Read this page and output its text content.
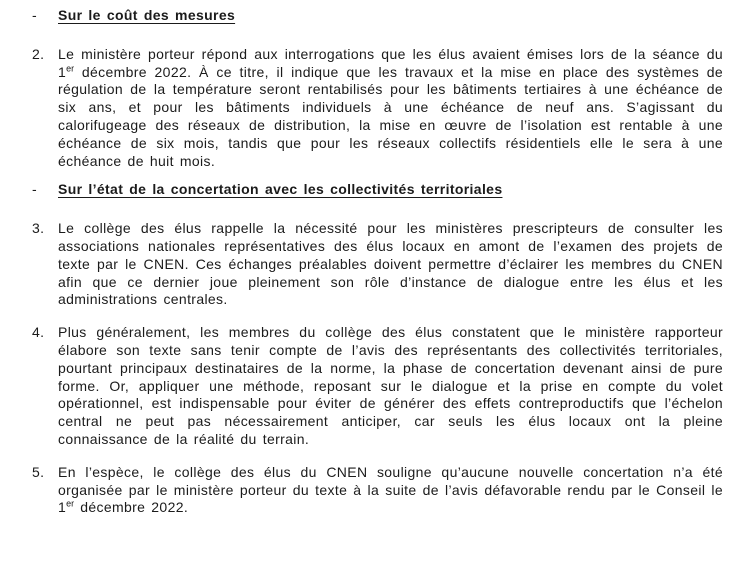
-	Sur le coût des mesures
2. Le ministère porteur répond aux interrogations que les élus avaient émises lors de la séance du 1er décembre 2022. À ce titre, il indique que les travaux et la mise en place des systèmes de régulation de la température seront rentabilisés pour les bâtiments tertiaires à une échéance de six ans, et pour les bâtiments individuels à une échéance de neuf ans. S’agissant du calorifugeage des réseaux de distribution, la mise en œuvre de l’isolation est rentable à une échéance de six mois, tandis que pour les réseaux collectifs résidentiels elle le sera à une échéance de huit mois.
-	Sur l’état de la concertation avec les collectivités territoriales
3. Le collège des élus rappelle la nécessité pour les ministères prescripteurs de consulter les associations nationales représentatives des élus locaux en amont de l’examen des projets de texte par le CNEN. Ces échanges préalables doivent permettre d’éclairer les membres du CNEN afin que ce dernier joue pleinement son rôle d’instance de dialogue entre les élus et les administrations centrales.
4. Plus généralement, les membres du collège des élus constatent que le ministère rapporteur élabore son texte sans tenir compte de l’avis des représentants des collectivités territoriales, pourtant principaux destinataires de la norme, la phase de concertation devenant ainsi de pure forme. Or, appliquer une méthode, reposant sur le dialogue et la prise en compte du volet opérationnel, est indispensable pour éviter de générer des effets contreproductifs que l’échelon central ne peut pas nécessairement anticiper, car seuls les élus locaux ont la pleine connaissance de la réalité du terrain.
5. En l’espèce, le collège des élus du CNEN souligne qu’aucune nouvelle concertation n’a été organisée par le ministère porteur du texte à la suite de l’avis défavorable rendu par le Conseil le 1er décembre 2022.
